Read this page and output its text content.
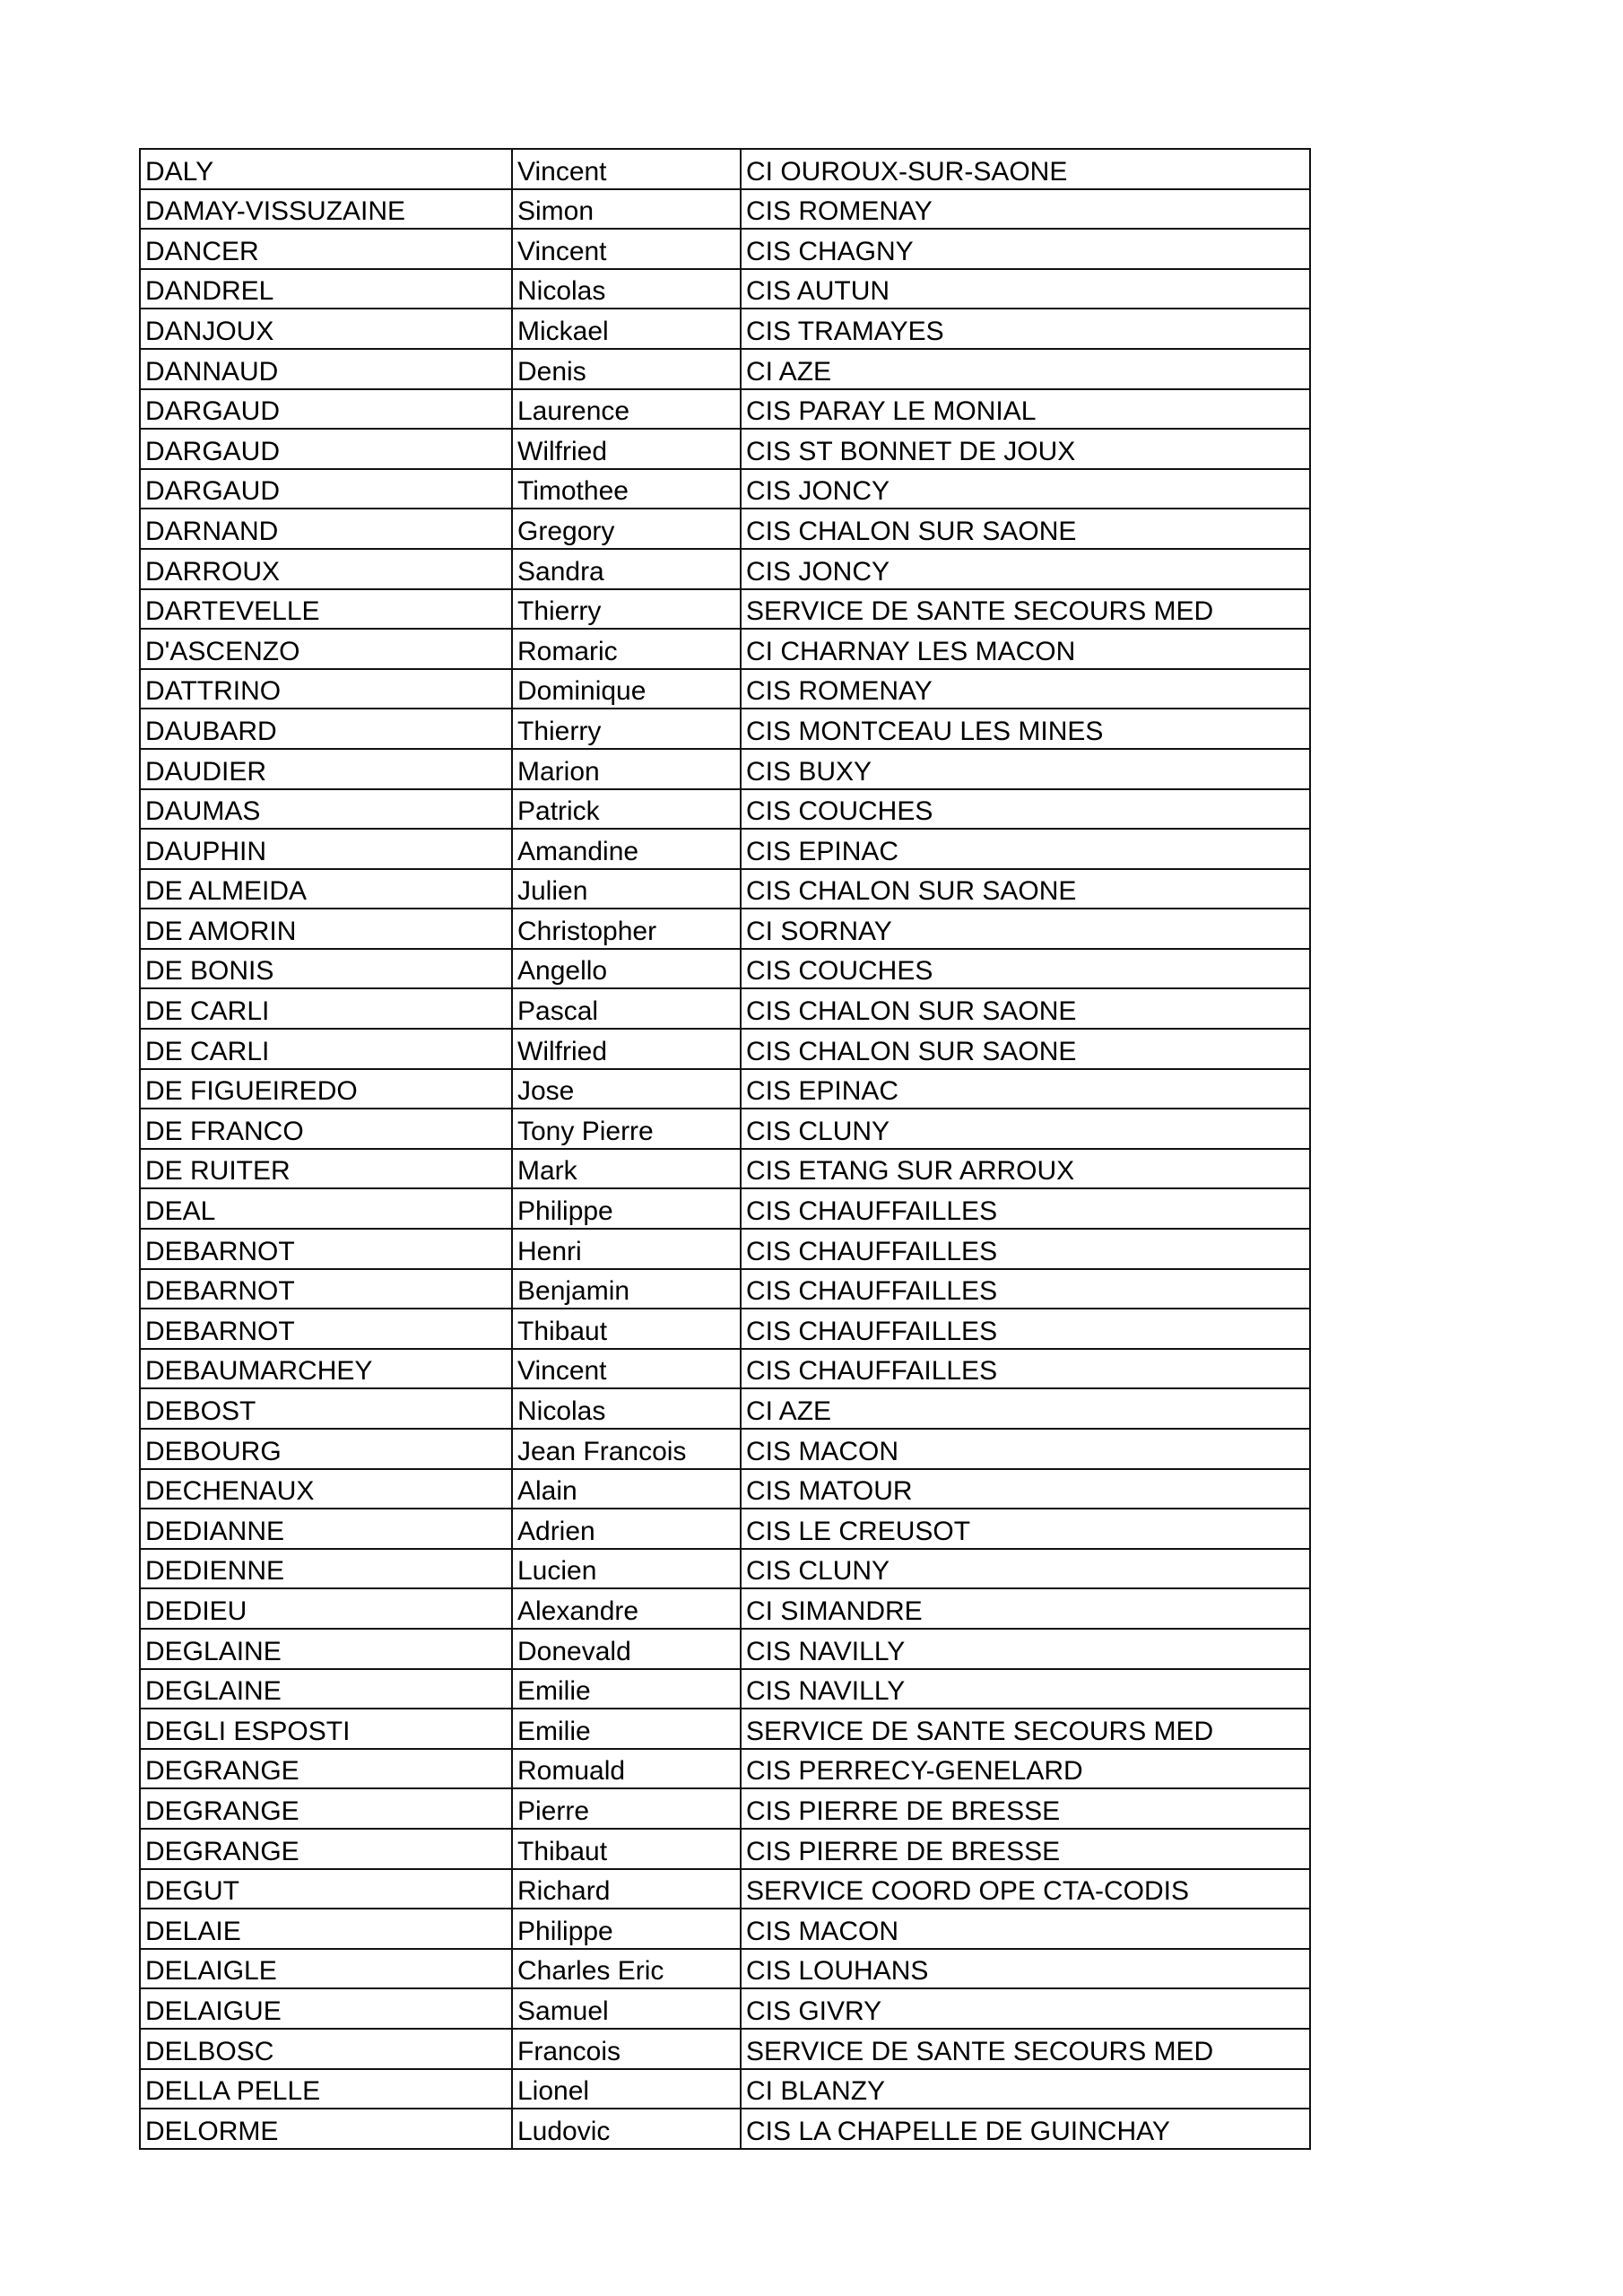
DALY	Vincent	CI OUROUX-SUR-SAONE
DAMAY-VISSUZAINE	Simon	CIS ROMENAY
DANCER	Vincent	CIS CHAGNY
DANDREL	Nicolas	CIS AUTUN
DANJOUX	Mickael	CIS TRAMAYES
DANNAUD	Denis	CI AZE
DARGAUD	Laurence	CIS PARAY LE MONIAL
DARGAUD	Wilfried	CIS ST BONNET DE JOUX
DARGAUD	Timothee	CIS JONCY
DARNAND	Gregory	CIS CHALON SUR SAONE
DARROUX	Sandra	CIS JONCY
DARTEVELLE	Thierry	SERVICE DE SANTE SECOURS MED
D'ASCENZO	Romaric	CI CHARNAY LES MACON
DATTRINO	Dominique	CIS ROMENAY
DAUBARD	Thierry	CIS MONTCEAU LES MINES
DAUDIER	Marion	CIS BUXY
DAUMAS	Patrick	CIS COUCHES
DAUPHIN	Amandine	CIS EPINAC
DE ALMEIDA	Julien	CIS CHALON SUR SAONE
DE AMORIN	Christopher	CI SORNAY
DE BONIS	Angello	CIS COUCHES
DE CARLI	Pascal	CIS CHALON SUR SAONE
DE CARLI	Wilfried	CIS CHALON SUR SAONE
DE FIGUEIREDO	Jose	CIS EPINAC
DE FRANCO	Tony Pierre	CIS CLUNY
DE RUITER	Mark	CIS ETANG SUR ARROUX
DEAL	Philippe	CIS CHAUFFAILLES
DEBARNOT	Henri	CIS CHAUFFAILLES
DEBARNOT	Benjamin	CIS CHAUFFAILLES
DEBARNOT	Thibaut	CIS CHAUFFAILLES
DEBAUMARCHEY	Vincent	CIS CHAUFFAILLES
DEBOST	Nicolas	CI AZE
DEBOURG	Jean Francois	CIS MACON
DECHENAUX	Alain	CIS MATOUR
DEDIANNE	Adrien	CIS LE CREUSOT
DEDIENNE	Lucien	CIS CLUNY
DEDIEU	Alexandre	CI SIMANDRE
DEGLAINE	Donevald	CIS NAVILLY
DEGLAINE	Emilie	CIS NAVILLY
DEGLI ESPOSTI	Emilie	SERVICE DE SANTE SECOURS MED
DEGRANGE	Romuald	CIS PERRECY-GENELARD
DEGRANGE	Pierre	CIS PIERRE DE BRESSE
DEGRANGE	Thibaut	CIS PIERRE DE BRESSE
DEGUT	Richard	SERVICE COORD OPE CTA-CODIS
DELAIE	Philippe	CIS MACON
DELAIGLE	Charles Eric	CIS LOUHANS
DELAIGUE	Samuel	CIS GIVRY
DELBOSC	Francois	SERVICE DE SANTE SECOURS MED
DELLA PELLE	Lionel	CI BLANZY
DELORME	Ludovic	CIS LA CHAPELLE DE GUINCHAY
